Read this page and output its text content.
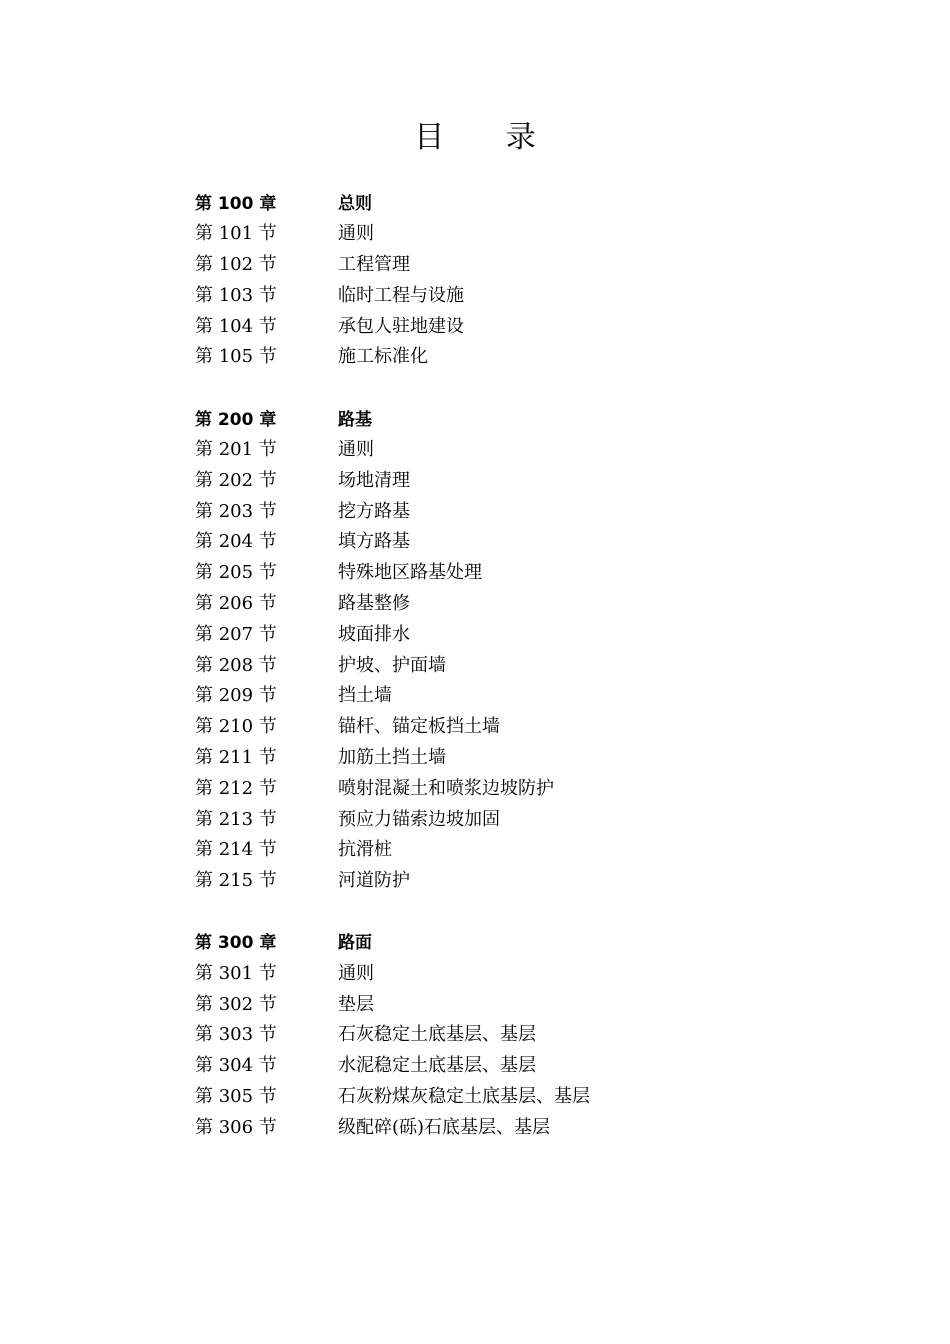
目 录
第 100 章	总则
第 101 节	通则
第 102 节	工程管理
第 103 节	临时工程与设施
第 104 节	承包人驻地建设
第 105 节	施工标准化
第 200 章	路基
第 201 节	通则
第 202 节	场地清理
第 203 节	挖方路基
第 204 节	填方路基
第 205 节	特殊地区路基处理
第 206 节	路基整修
第 207 节	坡面排水
第 208 节	护坡、护面墙
第 209 节	挡土墙
第 210 节	锚杆、锚定板挡土墙
第 211 节	加筋土挡土墙
第 212 节	喷射混凝土和喷浆边坡防护
第 213 节	预应力锚索边坡加固
第 214 节	抗滑桩
第 215 节	河道防护
第 300 章	路面
第 301 节	通则
第 302 节	垫层
第 303 节	石灰稳定土底基层、基层
第 304 节	水泥稳定土底基层、基层
第 305 节	石灰粉煤灰稳定土底基层、基层
第 306 节	级配碎(砾)石底基层、基层
